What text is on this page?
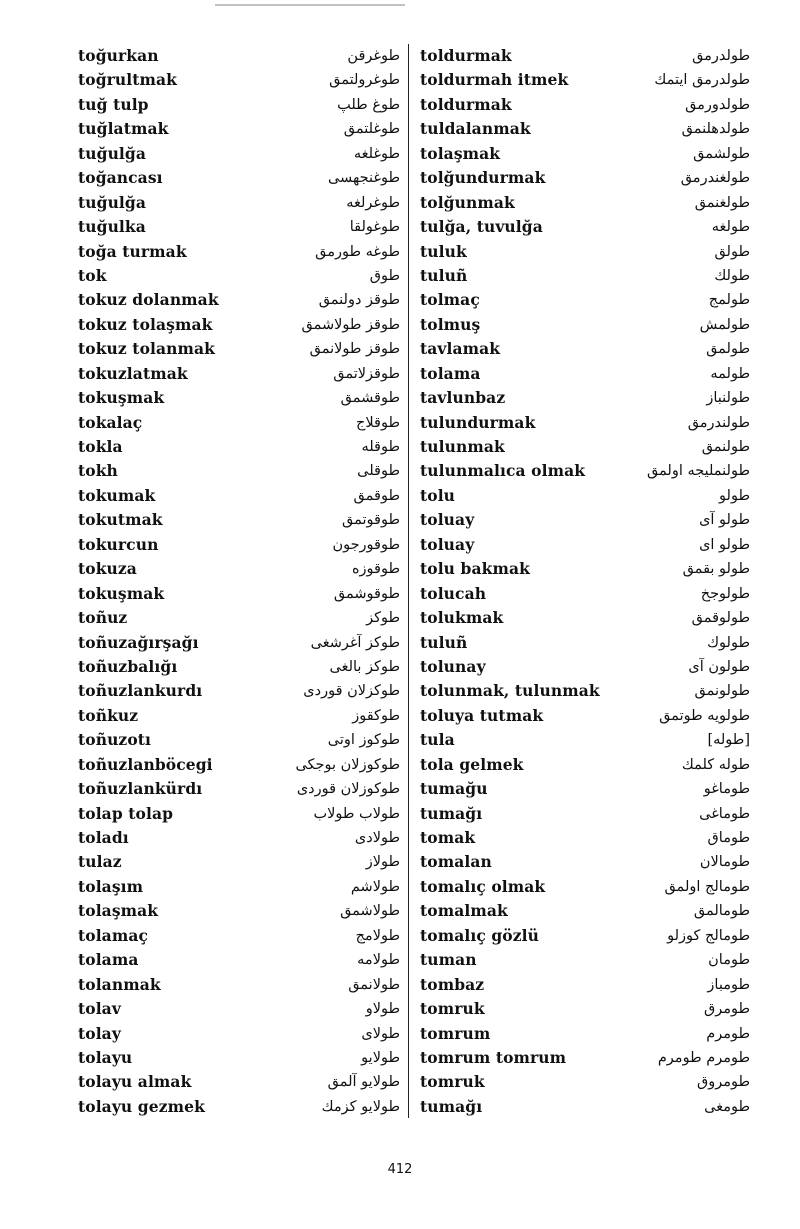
toğurkan	طوغرقن
toğrultmak	طوغرولتمق
tuğ tulp	طوغ طلپ
tuğlatmak	طوغلتمق
tuğulğa	طوغلغه
toğancası	طوغنجهسی
tuğulğa	طوغرلغه
tuğulka	طوغولقا
toğa turmak	طوغه طورمق
tok	طوق
tokuz dolanmak	طوقز دولنمق
tokuz tolaşmak	طوقز طولاشمق
tokuz tolanmak	طوقز طولانمق
tokuzlatmak	طوقزلاتمق
tokuşmak	طوقشمق
tokalaç	طوقلاج
tokla	طوقله
tokh	طوقلی
tokumak	طوقمق
tokutmak	طوقوتمق
tokurcun	طوقورجون
tokuza	طوقوزه
tokuşmak	طوقوشمق
toñuz	طوكز
toñuzağırşağı	طوكز آغرشغی
toñuzbalığı	طوكز بالغی
toñuzlankurdı	طوكزلان قوردی
toñkuz	طوكقوز
toñuzotı	طوكوز اوتی
toñuzlanböcegi	طوكوزلان بوجكی
toñuzlankürdı	طوكوزلان قوردی
tolap tolap	طولاب طولاب
toladı	طولادی
tulaz	طولاز
tolaşım	طولاشم
tolaşmak	طولاشمق
tolamaç	طولامج
tolama	طولامه
tolanmak	طولانمق
tolav	طولاو
tolay	طولای
tolayu	طولایو
tolayu almak	طولایو آلمق
tolayu gezmek	طولایو كزمك
toldurmak	طولدرمق
toldurmah itmek	طولدرمق ایتمك
toldurmak	طولدورمق
tuldalanmak	طولدهلنمق
tolaşmak	طولشمق
tolğundurmak	طولغندرمق
tolğunmak	طولغنمق
tulğa, tuvulğa	طولغه
tuluk	طولق
tuluñ	طولك
tolmaç	طولمج
tolmuş	طولمش
tavlamak	طولمق
tolama	طولمه
tavlunbaz	طولنباز
tulundurmak	طولندرمق
tulunmak	طولنمق
tulunmalıca olmak	طولنملیجه اولمق
tolu	طولو
toluay	طولو آی
toluay	طولو ای
tolu bakmak	طولو بقمق
tolucah	طولوجخ
tolukmak	طولوقمق
tuluñ	طولوك
tolunay	طولون آی
tolunmak, tulunmak	طولونمق
toluya tutmak	طولویه طوتمق
tula	[طوله]
tola gelmek	طوله كلمك
tumağu	طوماغو
tumağı	طوماغی
tomak	طوماق
tomalan	طومالان
tomalıç olmak	طومالج اولمق
tomalmak	طومالمق
tomalıç gözlü	طومالج كوزلو
tuman	طومان
tombaz	طومباز
tomruk	طومرق
tomrum	طومرم
tomrum tomrum	طومرم طومرم
tomruk	طومروق
tumağı	طومغی
412
